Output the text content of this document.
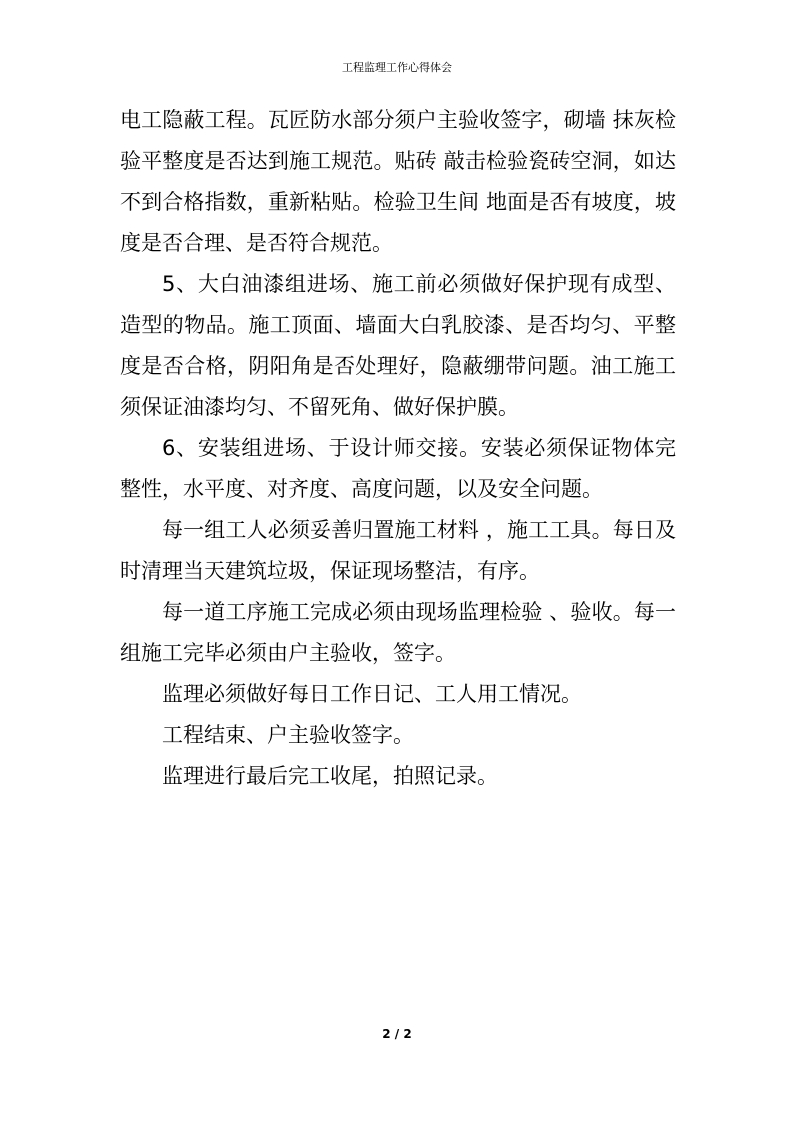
工程监理工作心得体会

电工隐蔽工程。瓦匠防水部分须户主验收签字，砌墙 抹灰检验平整度是否达到施工规范。贴砖 敲击检验瓷砖空洞，如达不到合格指数，重新粘贴。检验卫生间 地面是否有坡度，坡度是否合理、是否符合规范。

5、大白油漆组进场、施工前必须做好保护现有成型、造型的物品。施工顶面、墙面大白乳胶漆、是否均匀、平整度是否合格，阴阳角是否处理好，隐蔽绷带问题。油工施工须保证油漆均匀、不留死角、做好保护膜。

6、安装组进场、于设计师交接。安装必须保证物体完整性，水平度、对齐度、高度问题，以及安全问题。

每一组工人必须妥善归置施工材料 ，施工工具。每日及时清理当天建筑垃圾，保证现场整洁，有序。

每一道工序施工完成必须由现场监理检验 、验收。每一组施工完毕必须由户主验收，签字。

监理必须做好每日工作日记、工人用工情况。

工程结束、户主验收签字。

监理进行最后完工收尾，拍照记录。

2 / 2
